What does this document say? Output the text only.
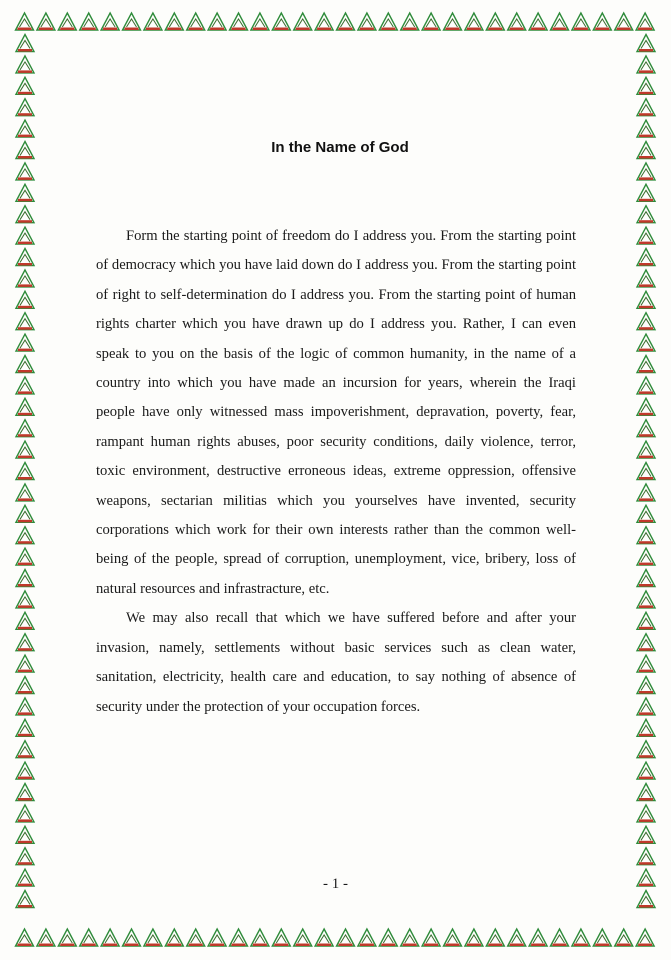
In the Name of God

Form the starting point of freedom do I address you. From the starting point of democracy which you have laid down do I address you. From the starting point of right to self-determination do I address you. From the starting point of human rights charter which you have drawn up do I address you. Rather, I can even speak to you on the basis of the logic of common humanity, in the name of a country into which you have made an incursion for years, wherein the Iraqi people have only witnessed mass impoverishment, depravation, poverty, fear, rampant human rights abuses, poor security conditions, daily violence, terror, toxic environment, destructive erroneous ideas, extreme oppression, offensive weapons, sectarian militias which you yourselves have invented, security corporations which work for their own interests rather than the common well-being of the people, spread of corruption, unemployment, vice, bribery, loss of natural resources and infrastracture, etc.

We may also recall that which we have suffered before and after your invasion, namely, settlements without basic services such as clean water, sanitation, electricity, health care and education, to say nothing of absence of security under the protection of your occupation forces.

- 1 -
